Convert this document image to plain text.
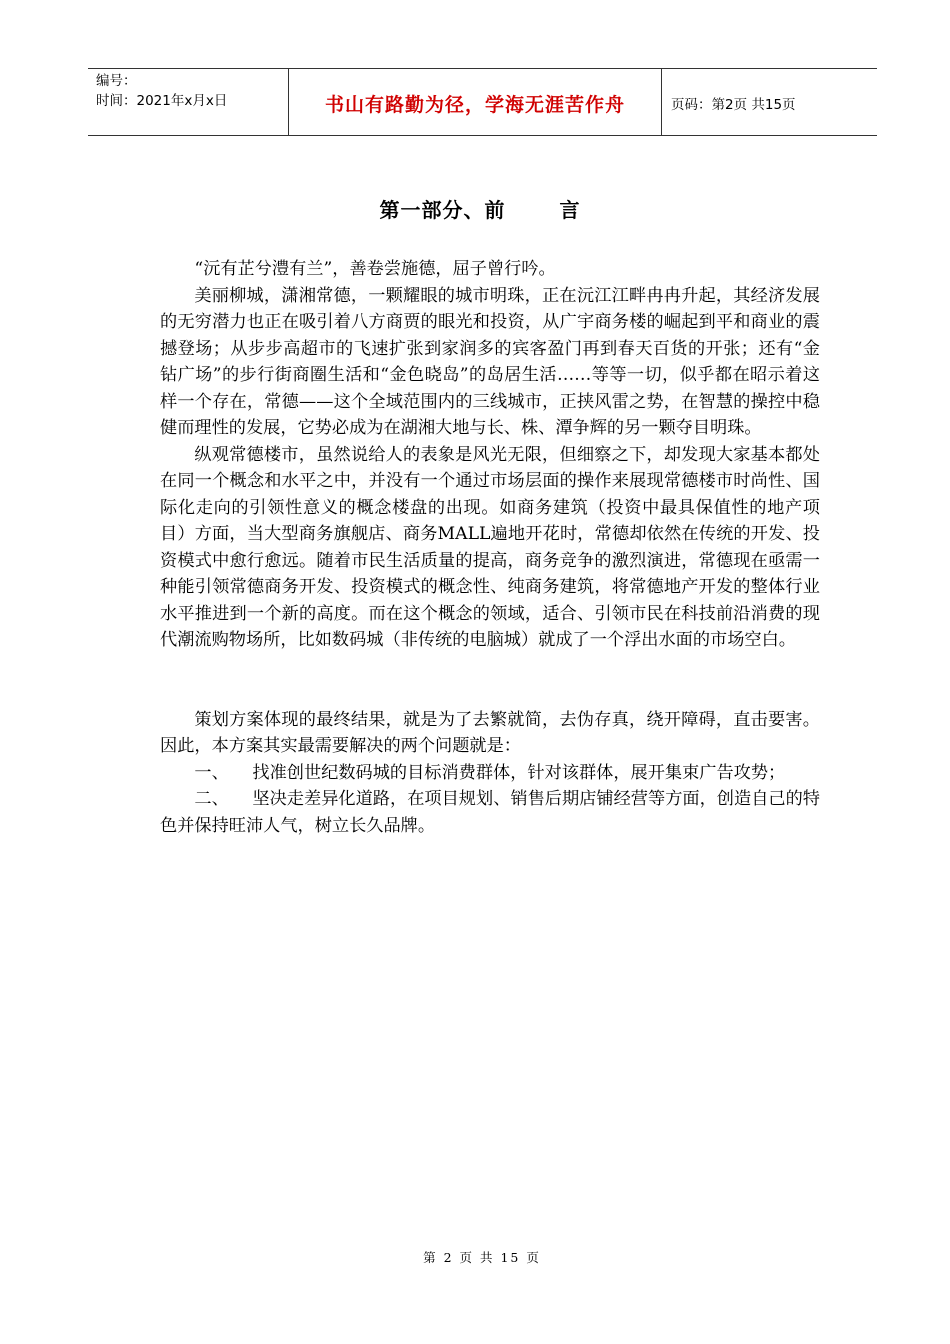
编号：
时间：2021年x月x日	书山有路勤为径，学海无涯苦作舟	页码：第2页 共15页
第一部分、前	言

“沅有芷兮澧有兰”，善卷尝施德，屈子曾行吟。

美丽柳城，潇湘常德，一颗耀眼的城市明珠，正在沅江江畔冉冉升起，其经济发展的无穷潜力也正在吸引着八方商贾的眼光和投资，从广宇商务楼的崛起到平和商业的震撼登场；从步步高超市的飞速扩张到家润多的宾客盈门再到春天百货的开张；还有“金钻广场”的步行街商圈生活和“金色晓岛”的岛居生活……等等一切，似乎都在昭示着这样一个存在，常德——这个全域范围内的三线城市，正挟风雷之势，在智慧的操控中稳健而理性的发展，它势必成为在湖湘大地与长、株、潭争辉的另一颗夺目明珠。

纵观常德楼市，虽然说给人的表象是风光无限，但细察之下，却发现大家基本都处在同一个概念和水平之中，并没有一个通过市场层面的操作来展现常德楼市时尚性、国际化走向的引领性意义的概念楼盘的出现。如商务建筑（投资中最具保值性的地产项目）方面，当大型商务旗舰店、商务MALL遍地开花时，常德却依然在传统的开发、投资模式中愈行愈远。随着市民生活质量的提高，商务竞争的激烈演进，常德现在亟需一种能引领常德商务开发、投资模式的概念性、纯商务建筑，将常德地产开发的整体行业水平推进到一个新的高度。而在这个概念的领域，适合、引领市民在科技前沿消费的现代潮流购物场所，比如数码城（非传统的电脑城）就成了一个浮出水面的市场空白。

策划方案体现的最终结果，就是为了去繁就简，去伪存真，绕开障碍，直击要害。因此，本方案其实最需要解决的两个问题就是：

一、 找准创世纪数码城的目标消费群体，针对该群体，展开集束广告攻势；

二、 坚决走差异化道路，在项目规划、销售后期店铺经营等方面，创造自己的特色并保持旺沛人气，树立长久品牌。

第 2 页 共 15 页
